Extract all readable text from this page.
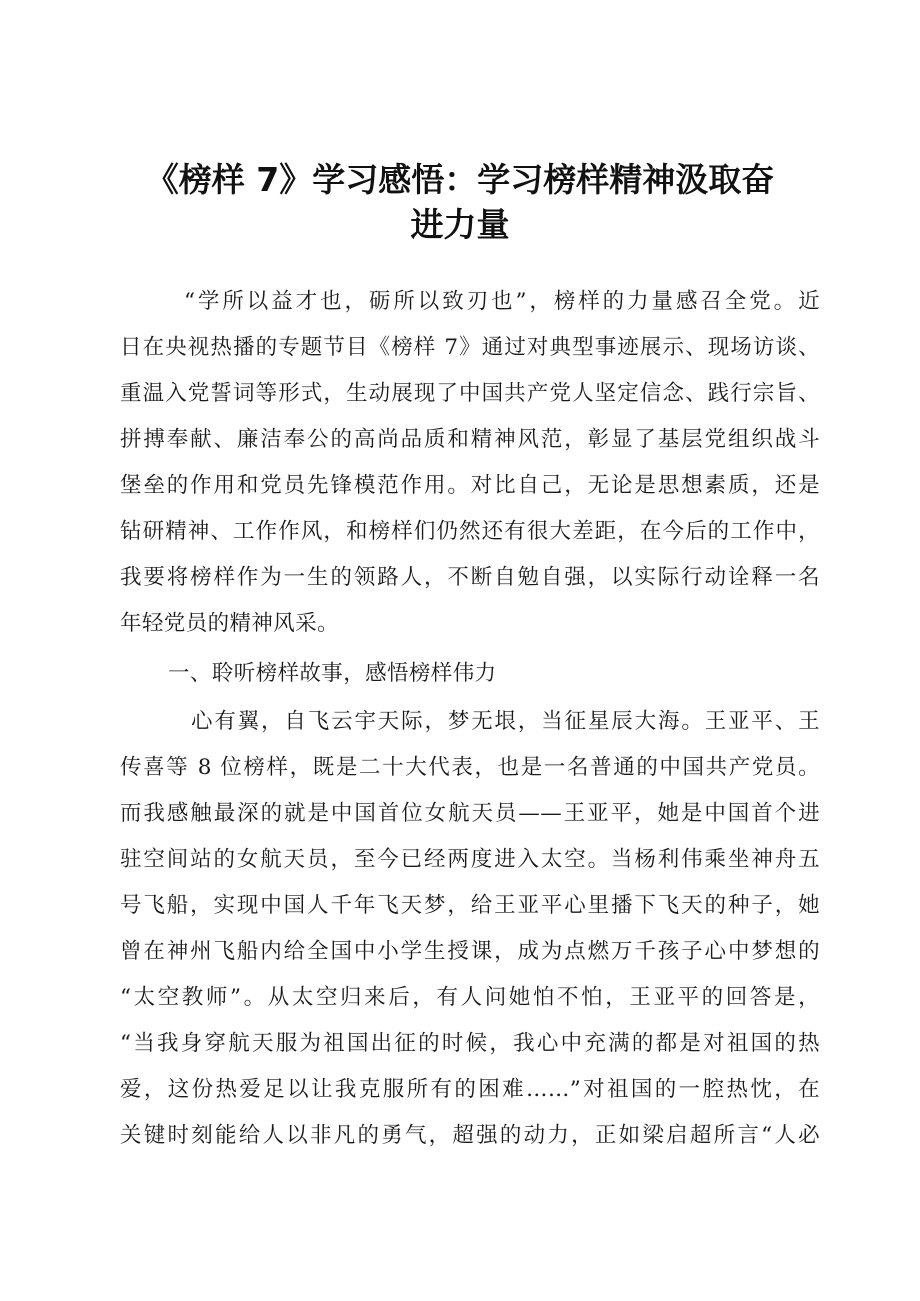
《榜样 7》学习感悟：学习榜样精神汲取奋
进力量

“学所以益才也，砺所以致刃也”，榜样的力量感召全党。近

日在央视热播的专题节目《榜样 7》通过对典型事迹展示、现场访谈、

重温入党誓词等形式，生动展现了中国共产党人坚定信念、践行宗旨、

拼搏奉献、廉洁奉公的高尚品质和精神风范，彰显了基层党组织战斗

堡垒的作用和党员先锋模范作用。对比自己，无论是思想素质，还是

钻研精神、工作作风，和榜样们仍然还有很大差距，在今后的工作中，

我要将榜样作为一生的领路人，不断自勉自强，以实际行动诠释一名

年轻党员的精神风采。

一、聆听榜样故事，感悟榜样伟力

心有翼，自飞云宇天际，梦无垠，当征星辰大海。王亚平、王

传喜等 8 位榜样，既是二十大代表，也是一名普通的中国共产党员。

而我感触最深的就是中国首位女航天员——王亚平，她是中国首个进

驻空间站的女航天员，至今已经两度进入太空。当杨利伟乘坐神舟五

号飞船，实现中国人千年飞天梦，给王亚平心里播下飞天的种子，她

曾在神州飞船内给全国中小学生授课，成为点燃万千孩子心中梦想的

“太空教师”。从太空归来后，有人问她怕不怕，王亚平的回答是，

“当我身穿航天服为祖国出征的时候，我心中充满的都是对祖国的热

爱，这份热爱足以让我克服所有的困难……”对祖国的一腔热忱，在

关键时刻能给人以非凡的勇气，超强的动力，正如梁启超所言“人必
